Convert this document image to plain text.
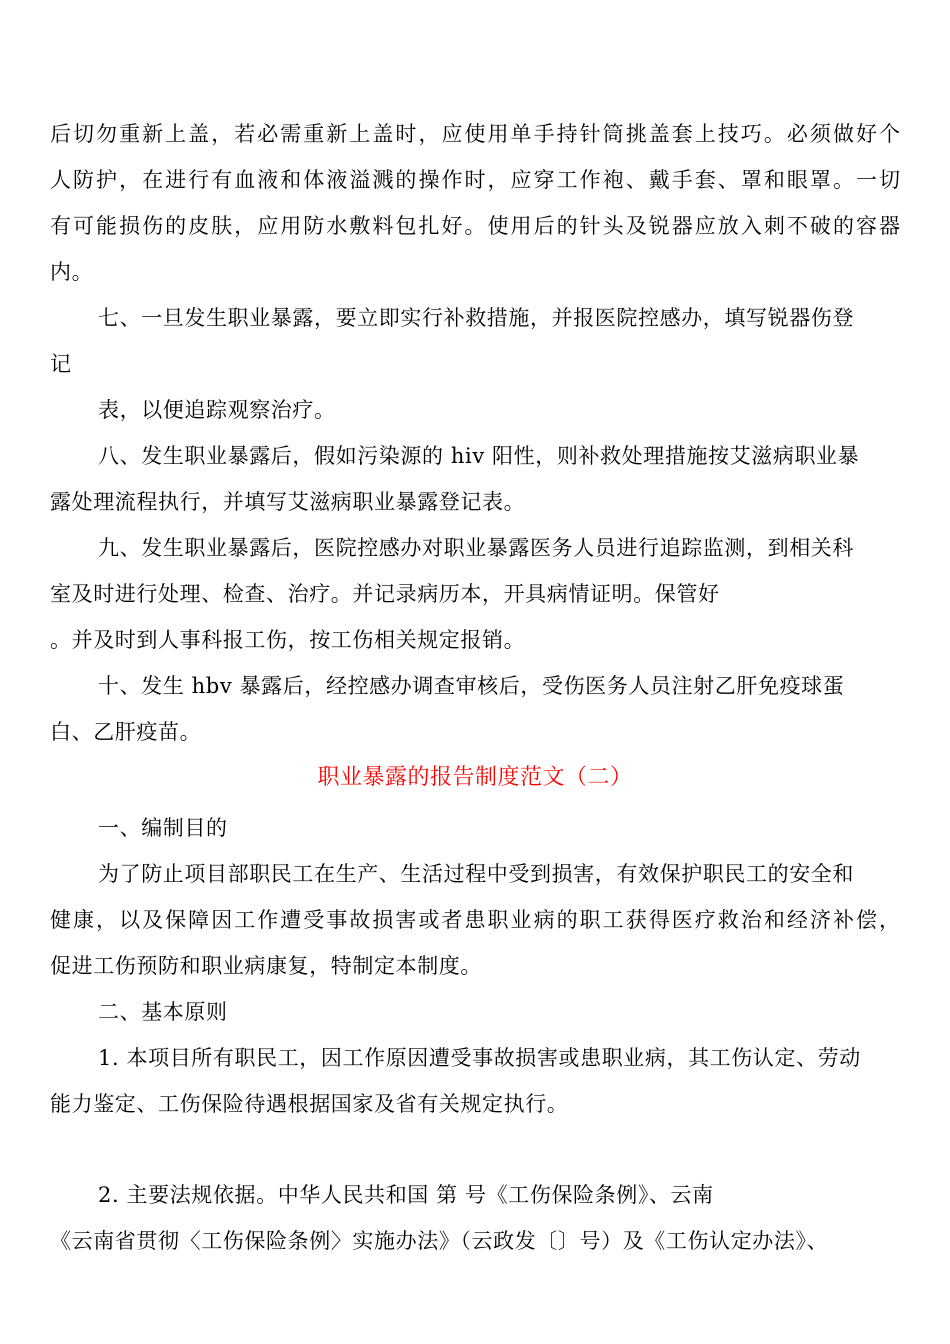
后切勿重新上盖，若必需重新上盖时，应使用单手持针筒挑盖套上技巧。必须做好个
人防护，在进行有血液和体液溢溅的操作时，应穿工作袍、戴手套、罩和眼罩。一切
有可能损伤的皮肤，应用防水敷料包扎好。使用后的针头及锐器应放入刺不破的容器
内。
七、一旦发生职业暴露，要立即实行补救措施，并报医院控感办，填写锐器伤登
记
表，以便追踪观察治疗。
八、发生职业暴露后，假如污染源的 hiv 阳性，则补救处理措施按艾滋病职业暴
露处理流程执行，并填写艾滋病职业暴露登记表。
九、发生职业暴露后，医院控感办对职业暴露医务人员进行追踪监测，到相关科
室及时进行处理、检查、治疗。并记录病历本，开具病情证明。保管好
。并及时到人事科报工伤，按工伤相关规定报销。
十、发生 hbv 暴露后，经控感办调查审核后，受伤医务人员注射乙肝免疫球蛋
白、乙肝疫苗。
职业暴露的报告制度范文（二）
一、编制目的
为了防止项目部职民工在生产、生活过程中受到损害，有效保护职民工的安全和
健康，以及保障因工作遭受事故损害或者患职业病的职工获得医疗救治和经济补偿，
促进工伤预防和职业病康复，特制定本制度。
二、基本原则
1. 本项目所有职民工，因工作原因遭受事故损害或患职业病，其工伤认定、劳动
能力鉴定、工伤保险待遇根据国家及省有关规定执行。
2. 主要法规依据。中华人民共和国 第 号《工伤保险条例》、云南
《云南省贯彻〈工伤保险条例〉实施办法》（云政发〔〕号）及《工伤认定办法》、
